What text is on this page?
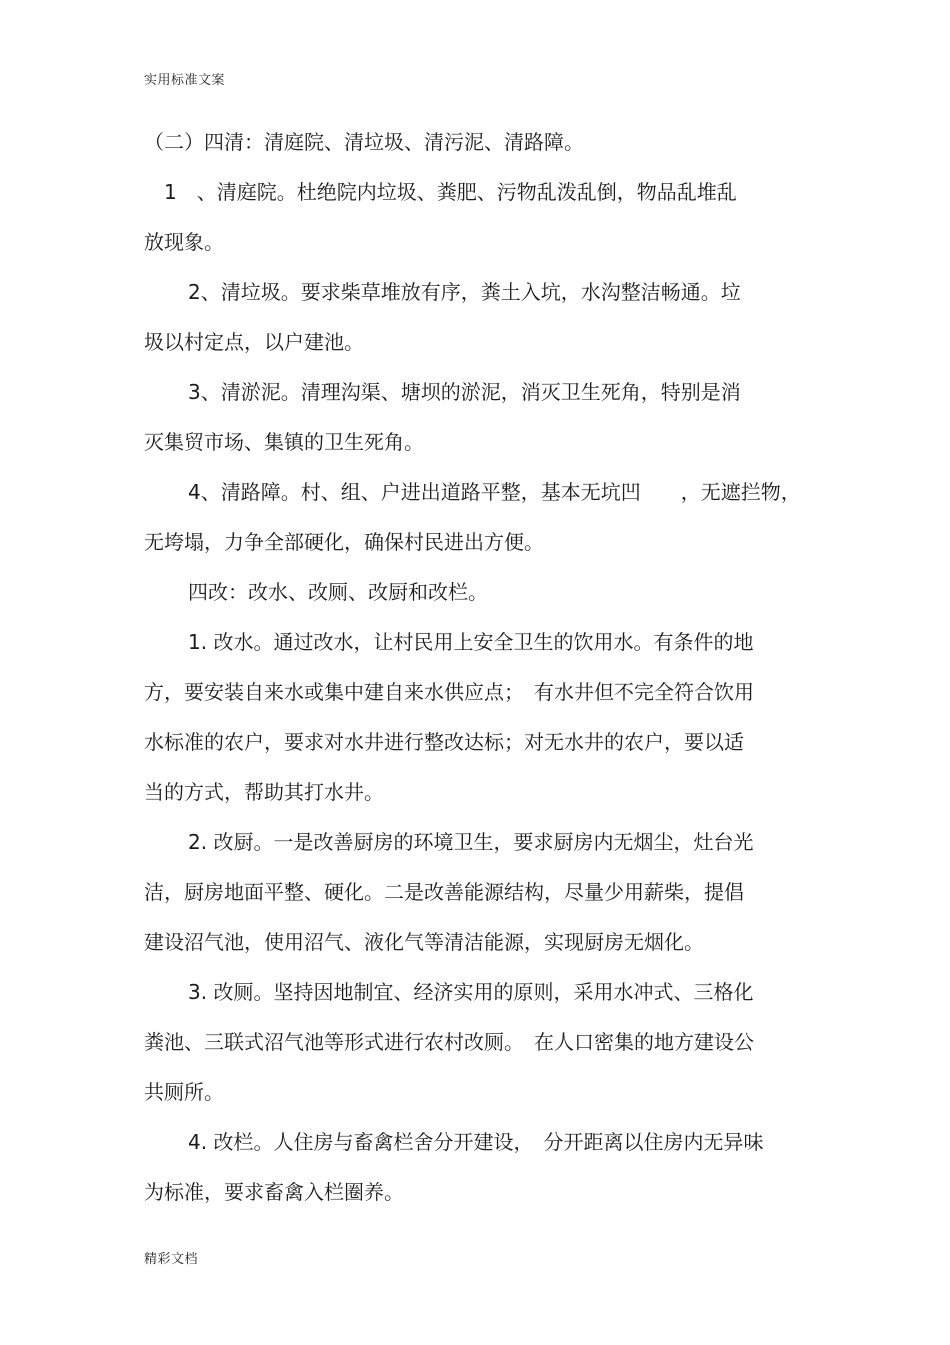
实用标准文案
（二）四清：清庭院、清垃圾、清污泥、清路障。
1　、清庭院。杜绝院内垃圾、粪肥、污物乱泼乱倒，物品乱堆乱
放现象。
2、清垃圾。要求柴草堆放有序，粪土入坑，水沟整洁畅通。垃
圾以村定点，以户建池。
3、清淤泥。清理沟渠、塘坝的淤泥，消灭卫生死角，特别是消
灭集贸市场、集镇的卫生死角。
4、清路障。村、组、户进出道路平整，基本无坑凹　　，无遮拦物，
无垮塌，力争全部硬化，确保村民进出方便。
四改：改水、改厕、改厨和改栏。
1. 改水。通过改水，让村民用上安全卫生的饮用水。有条件的地
方，要安装自来水或集中建自来水供应点；　有水井但不完全符合饮用
水标准的农户，要求对水井进行整改达标；对无水井的农户，要以适
当的方式，帮助其打水井。
2. 改厨。一是改善厨房的环境卫生，要求厨房内无烟尘，灶台光
洁，厨房地面平整、硬化。二是改善能源结构，尽量少用薪柴，提倡
建设沼气池，使用沼气、液化气等清洁能源，实现厨房无烟化。
3. 改厕。坚持因地制宜、经济实用的原则，采用水冲式、三格化
粪池、三联式沼气池等形式进行农村改厕。　在人口密集的地方建设公
共厕所。
4. 改栏。人住房与畜禽栏舍分开建设，　分开距离以住房内无异味
为标准，要求畜禽入栏圈养。
精彩文档
